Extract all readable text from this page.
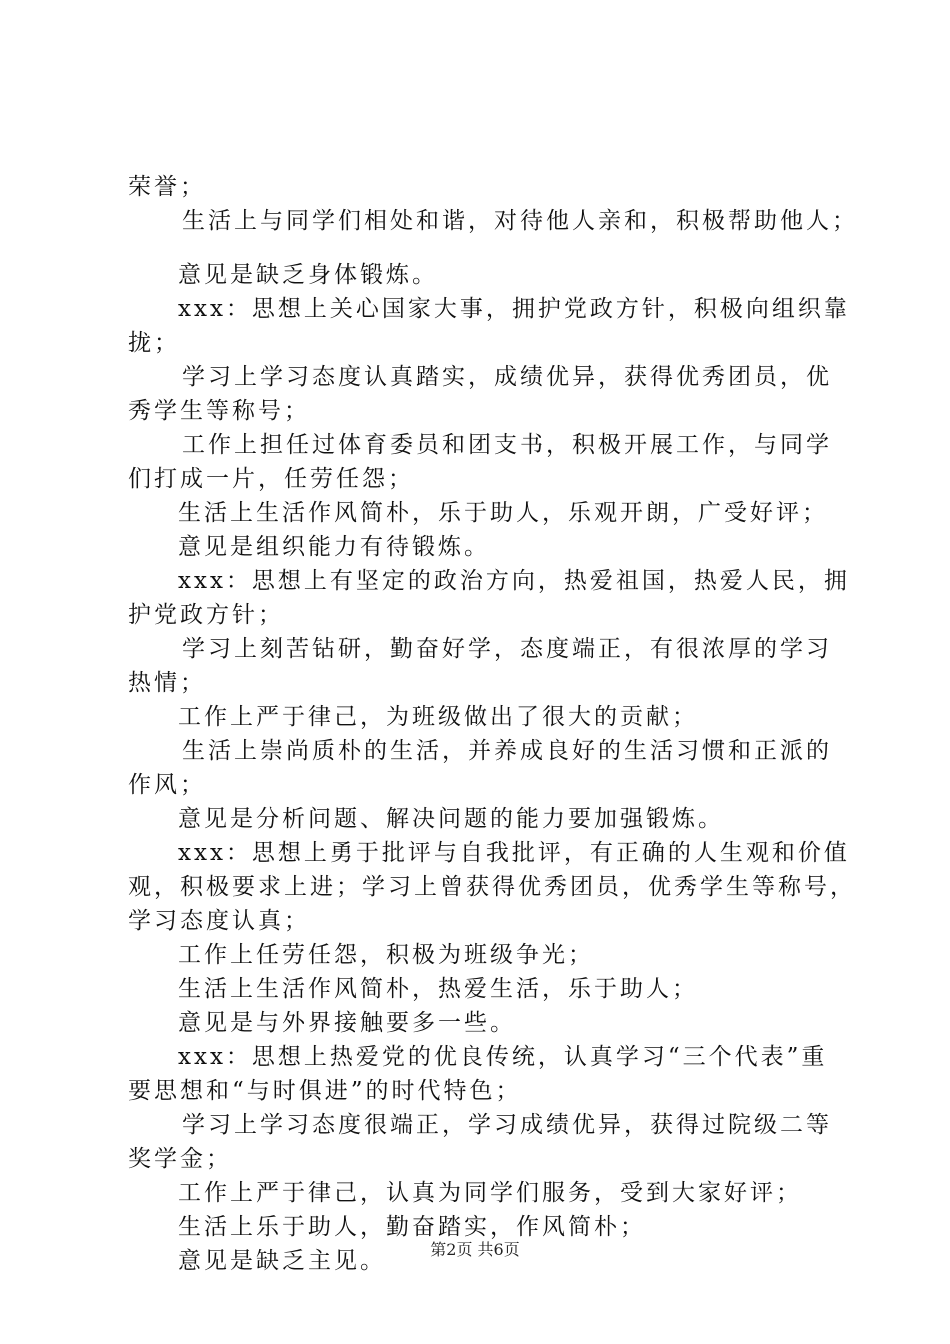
荣誉；
生活上与同学们相处和谐，对待他人亲和，积极帮助他人；
意见是缺乏身体锻炼。
xxx：思想上关心国家大事，拥护党政方针，积极向组织靠
拢；
学习上学习态度认真踏实，成绩优异，获得优秀团员，优
秀学生等称号；
工作上担任过体育委员和团支书，积极开展工作，与同学
们打成一片，任劳任怨；
生活上生活作风简朴，乐于助人，乐观开朗，广受好评；
意见是组织能力有待锻炼。
xxx：思想上有坚定的政治方向，热爱祖国，热爱人民，拥
护党政方针；
学习上刻苦钻研，勤奋好学，态度端正，有很浓厚的学习
热情；
工作上严于律己，为班级做出了很大的贡献；
生活上崇尚质朴的生活，并养成良好的生活习惯和正派的
作风；
意见是分析问题、解决问题的能力要加强锻炼。
xxx：思想上勇于批评与自我批评，有正确的人生观和价值
观，积极要求上进；学习上曾获得优秀团员，优秀学生等称号，
学习态度认真；
工作上任劳任怨，积极为班级争光；
生活上生活作风简朴，热爱生活，乐于助人；
意见是与外界接触要多一些。
xxx：思想上热爱党的优良传统，认真学习“三个代表”重
要思想和“与时俱进”的时代特色；
学习上学习态度很端正，学习成绩优异，获得过院级二等
奖学金；
工作上严于律己，认真为同学们服务，受到大家好评；
生活上乐于助人，勤奋踏实，作风简朴；
意见是缺乏主见。	第2页 共6页
